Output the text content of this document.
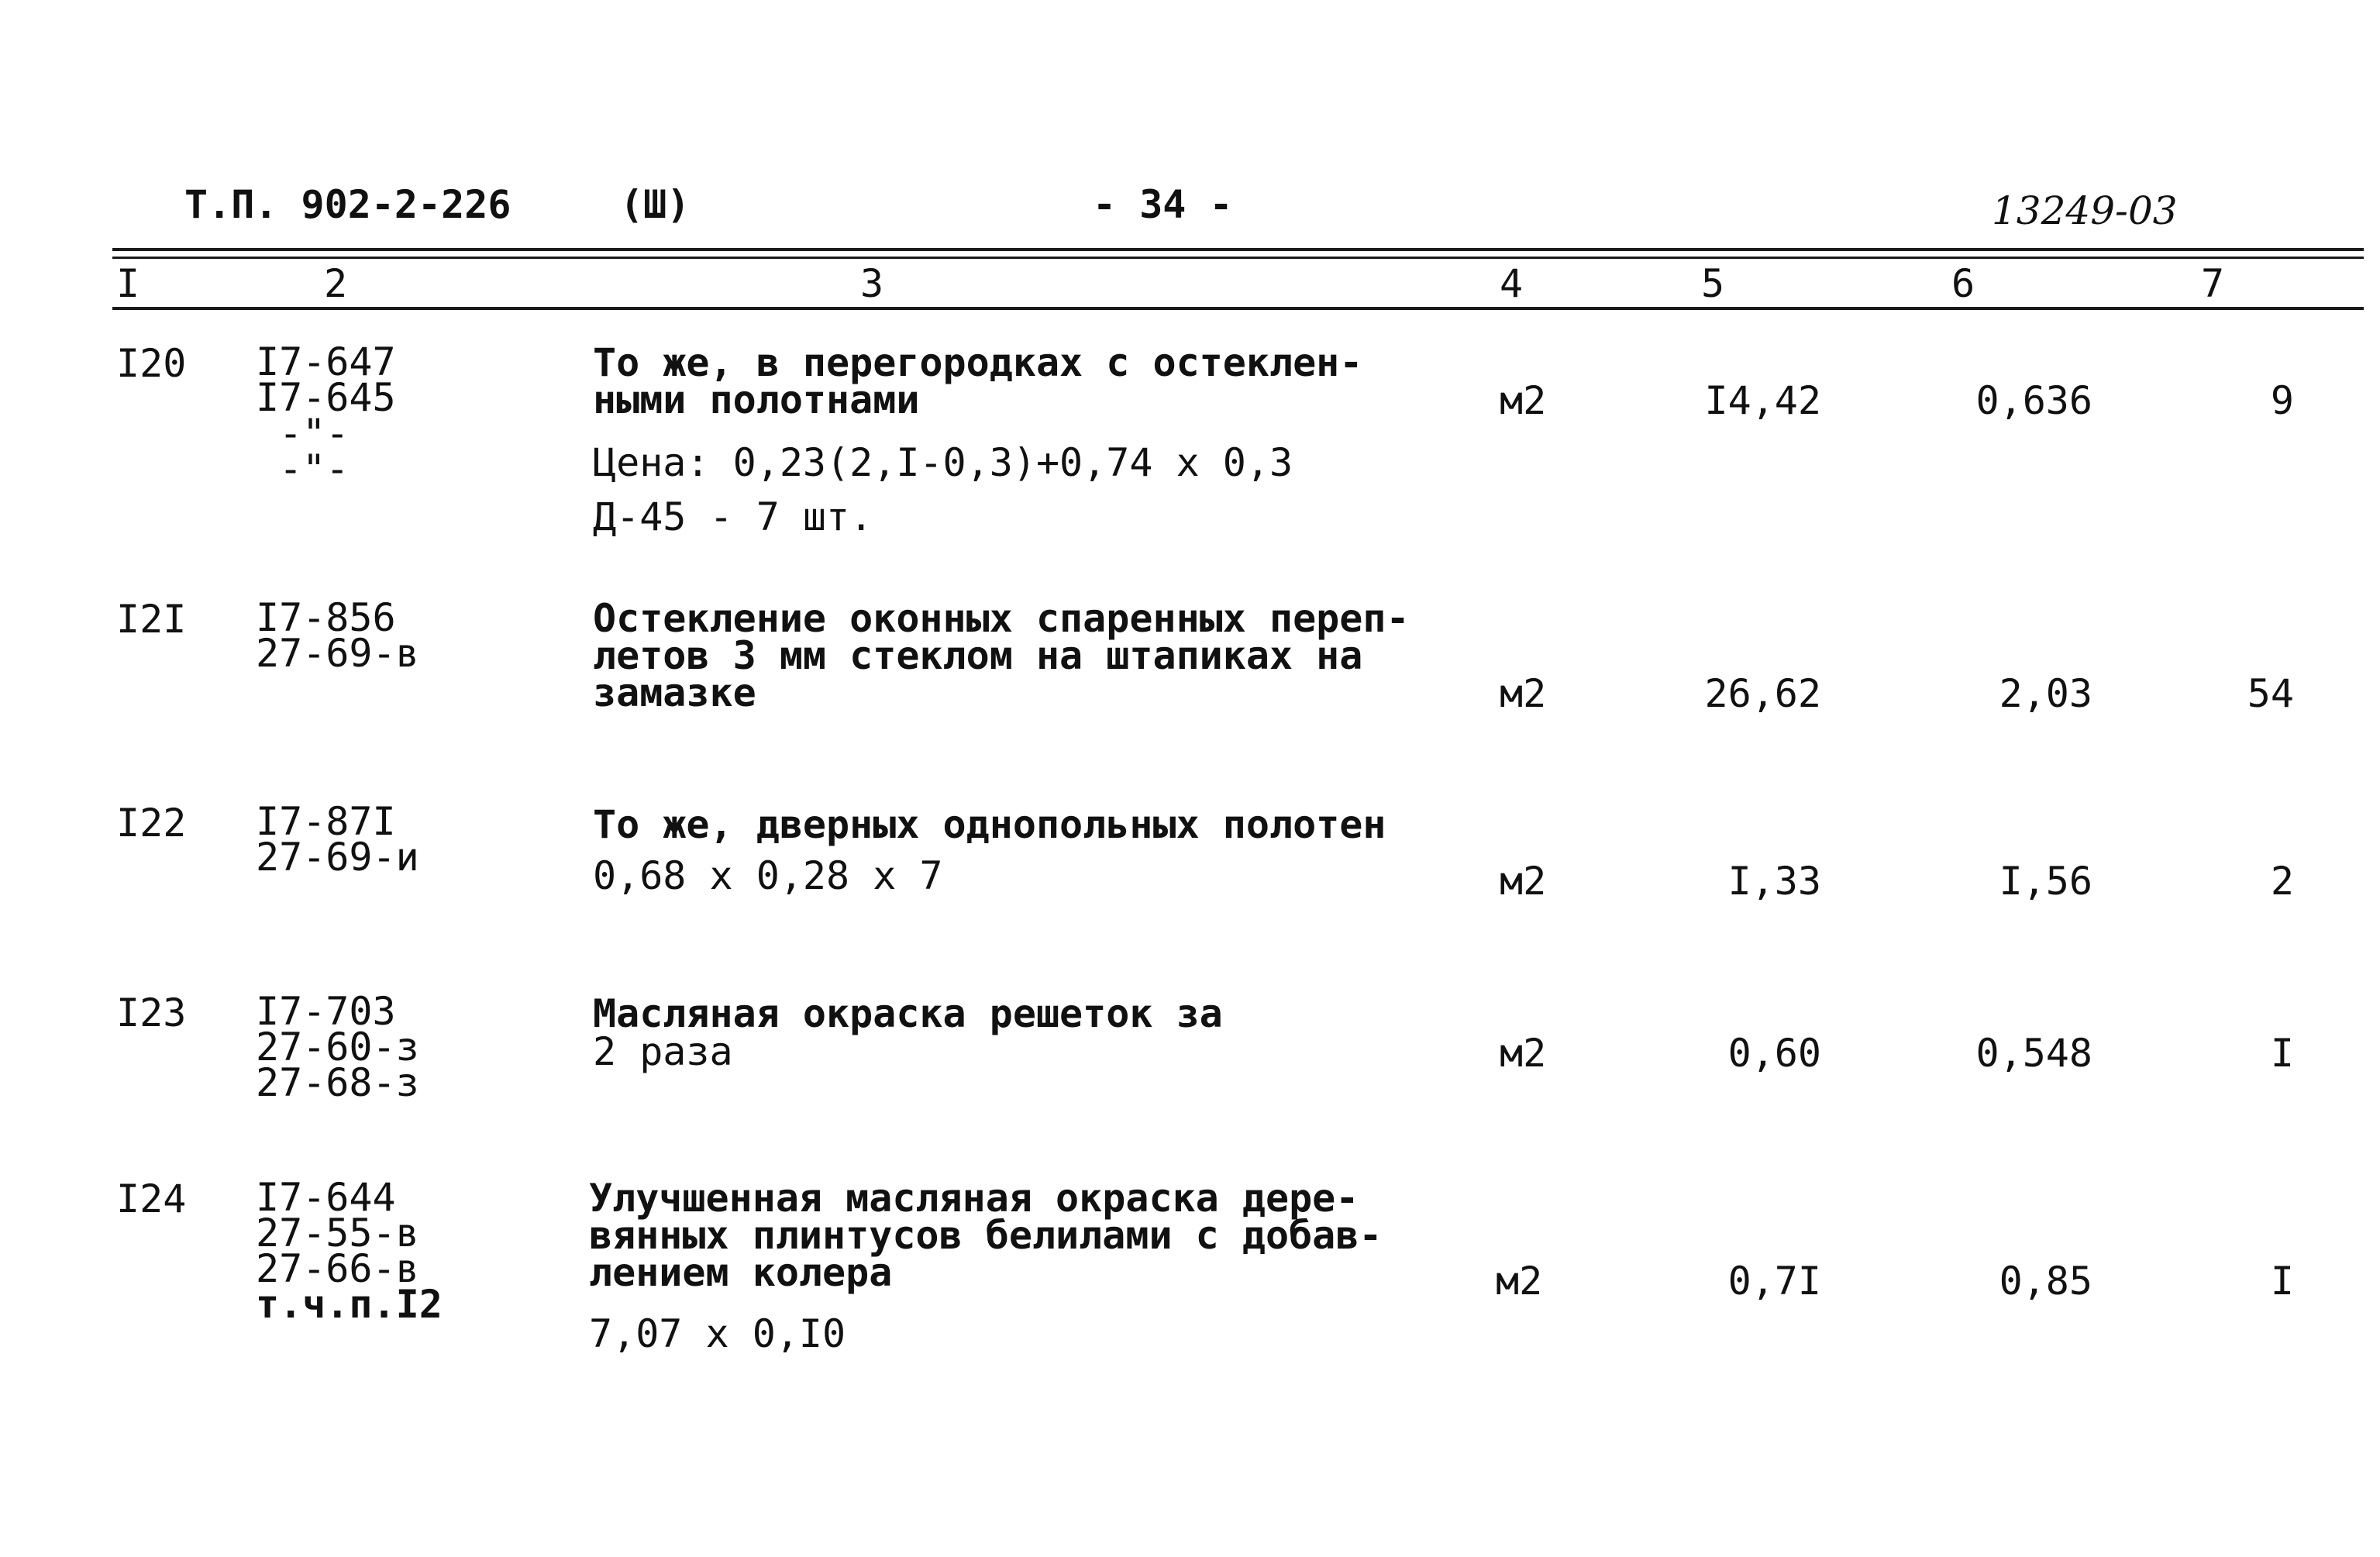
Т.П. 902-2-226	(Ш)	- 34 -	13249-03
I	2	3	4	5	6	7
I20 I7-647
I7-645
-"-
-"-
То же, в перегородках с остеклен-
ными полотнами
Цена: 0,23(2,I-0,3)+0,74 x 0,3
Д-45 - 7 шт.
м2	I4,42	0,636	9
I2I I7-856
27-69-в
Остекление оконных спаренных переп-
летов 3 мм стеклом на штапиках на
замазке	м2	26,62	2,03	54
I22 I7-87I
27-69-и
То же, дверных однопольных полотен
0,68 x 0,28 x 7	м2	I,33	I,56	2
I23 I7-703
27-60-з
27-68-з
Масляная окраска решеток за
2 раза	м2	0,60	0,548	I
I24 I7-644
27-55-в
27-66-в
т.ч.п.I2
Улучшенная масляная окраска дере-
вянных плинтусов белилами с добав-
лением колера
7,07 x 0,I0
м2	0,7I	0,85	I
